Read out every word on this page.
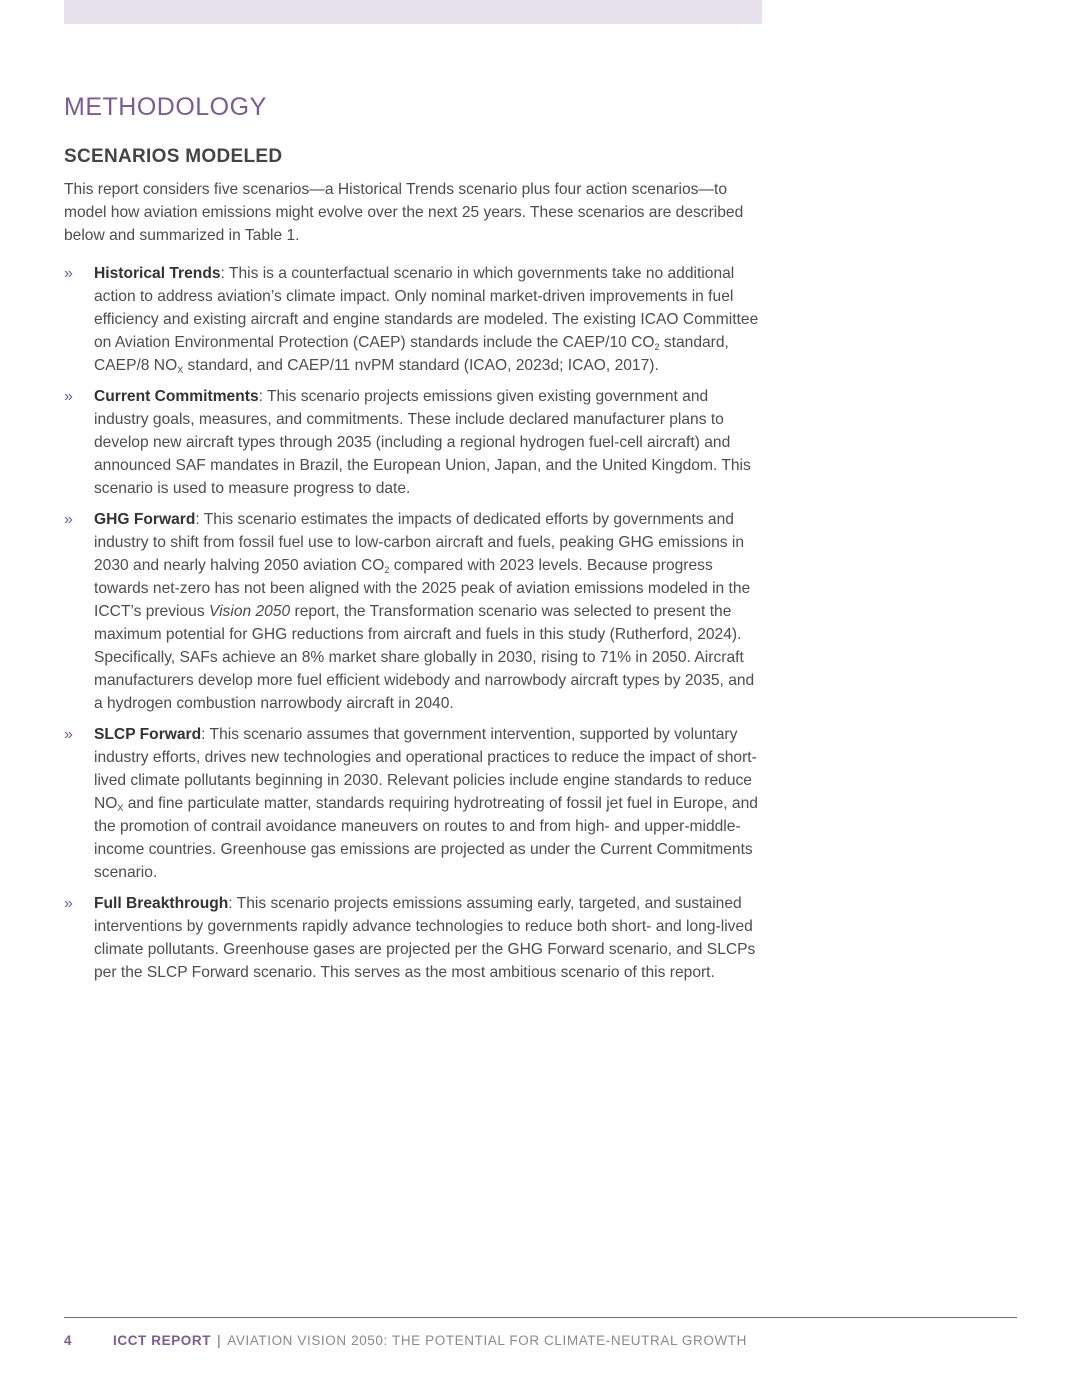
METHODOLOGY
SCENARIOS MODELED

This report considers five scenarios—a Historical Trends scenario plus four action scenarios—to model how aviation emissions might evolve over the next 25 years. These scenarios are described below and summarized in Table 1.

» Historical Trends: This is a counterfactual scenario in which governments take no additional action to address aviation’s climate impact. Only nominal market-driven improvements in fuel efficiency and existing aircraft and engine standards are modeled. The existing ICAO Committee on Aviation Environmental Protection (CAEP) standards include the CAEP/10 $CO_2$ standard, CAEP/8 $NO_X$ standard, and CAEP/11 nvPM standard (ICAO, 2023d; ICAO, 2017).
» Current Commitments: This scenario projects emissions given existing government and industry goals, measures, and commitments. These include declared manufacturer plans to develop new aircraft types through 2035 (including a regional hydrogen fuel-cell aircraft) and announced SAF mandates in Brazil, the European Union, Japan, and the United Kingdom. This scenario is used to measure progress to date.
» GHG Forward: This scenario estimates the impacts of dedicated efforts by governments and industry to shift from fossil fuel use to low-carbon aircraft and fuels, peaking GHG emissions in 2030 and nearly halving 2050 aviation $CO_2$ compared with 2023 levels. Because progress towards net-zero has not been aligned with the 2025 peak of aviation emissions modeled in the ICCT’s previous Vision 2050 report, the Transformation scenario was selected to present the maximum potential for GHG reductions from aircraft and fuels in this study (Rutherford, 2024). Specifically, SAFs achieve an 8% market share globally in 2030, rising to 71% in 2050. Aircraft manufacturers develop more fuel efficient widebody and narrowbody aircraft types by 2035, and a hydrogen combustion narrowbody aircraft in 2040.
» SLCP Forward: This scenario assumes that government intervention, supported by voluntary industry efforts, drives new technologies and operational practices to reduce the impact of short-lived climate pollutants beginning in 2030. Relevant policies include engine standards to reduce $NO_X$ and fine particulate matter, standards requiring hydrotreating of fossil jet fuel in Europe, and the promotion of contrail avoidance maneuvers on routes to and from high- and upper-middle-income countries. Greenhouse gas emissions are projected as under the Current Commitments scenario.
» Full Breakthrough: This scenario projects emissions assuming early, targeted, and sustained interventions by governments rapidly advance technologies to reduce both short- and long-lived climate pollutants. Greenhouse gases are projected per the GHG Forward scenario, and SLCPs per the SLCP Forward scenario. This serves as the most ambitious scenario of this report.
4	ICCT REPORT | AVIATION VISION 2050: THE POTENTIAL FOR CLIMATE-NEUTRAL GROWTH
